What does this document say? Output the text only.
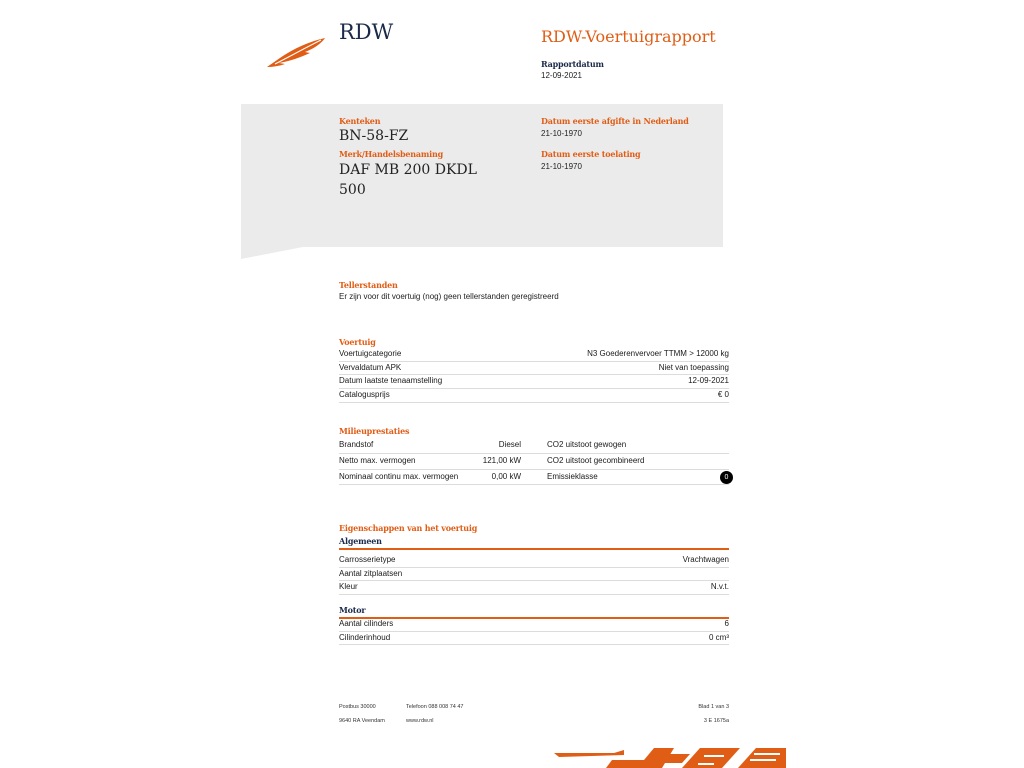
RDW	RDW-Voertuigrapport
Rapportdatum
12-09-2021
Kenteken
BN-58-FZ
Merk/Handelsbenaming
DAF MB 200 DKDL
500
Datum eerste afgifte in Nederland
21-10-1970
Datum eerste toelating
21-10-1970
Tellerstanden
Er zijn voor dit voertuig (nog) geen tellerstanden geregistreerd
Voertuig
Voertuigcategorie	N3 Goederenvervoer TTMM > 12000 kg
Vervaldatum APK	Niet van toepassing
Datum laatste tenaamstelling	12-09-2021
Catalogusprijs	€ 0
Milieuprestaties
Brandstof	Diesel	CO2 uitstoot gewogen
Netto max. vermogen	121,00 kW	CO2 uitstoot gecombineerd
Nominaal continu max. vermogen	0,00 kW	Emissieklasse	0
Eigenschappen van het voertuig
Algemeen
Carrosserietype	Vrachtwagen
Aantal zitplaatsen
Kleur	N.v.t.
Motor
Aantal cilinders	6
Cilinderinhoud	0 cm³
Postbus 30000
9640 RA Veendam
Telefoon 088 008 74 47
www.rdw.nl
Blad 1 van 3
3 E 1675a
